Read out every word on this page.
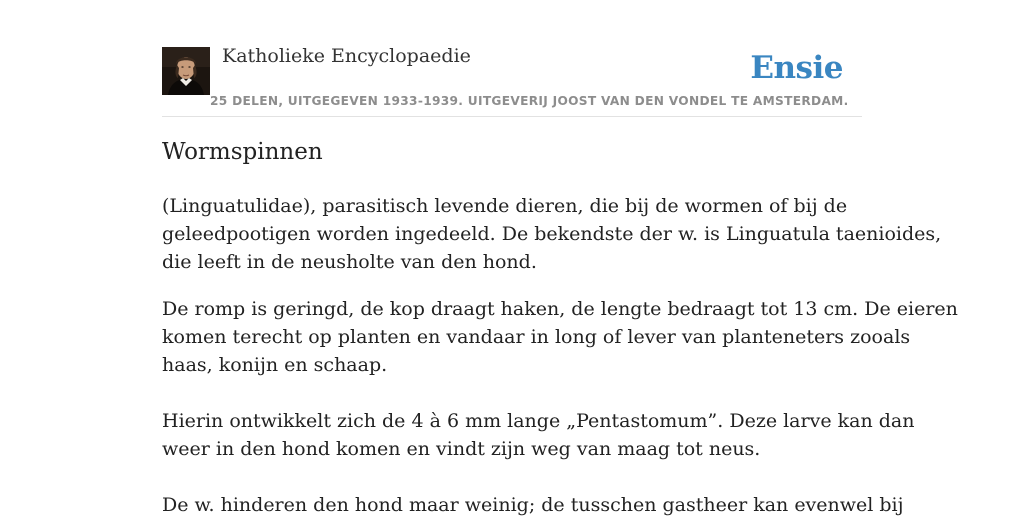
Katholieke Encyclopaedie	Ensie
25 DELEN, UITGEGEVEN 1933-1939. UITGEVERIJ JOOST VAN DEN VONDEL TE AMSTERDAM.
Wormspinnen

(Linguatulidae), parasitisch levende dieren, die bij de wormen of bij de
geleedpootigen worden ingedeeld. De bekendste der w. is Linguatula taenioides,
die leeft in de neusholte van den hond.

De romp is geringd, de kop draagt haken, de lengte bedraagt tot 13 cm. De eieren
komen terecht op planten en vandaar in long of lever van planteneters zooals
haas, konijn en schaap.

Hierin ontwikkelt zich de 4 à 6 mm lange „Pentastomum”. Deze larve kan dan
weer in den hond komen en vindt zijn weg van maag tot neus.

De w. hinderen den hond maar weinig; de tusschen gastheer kan evenwel bij
